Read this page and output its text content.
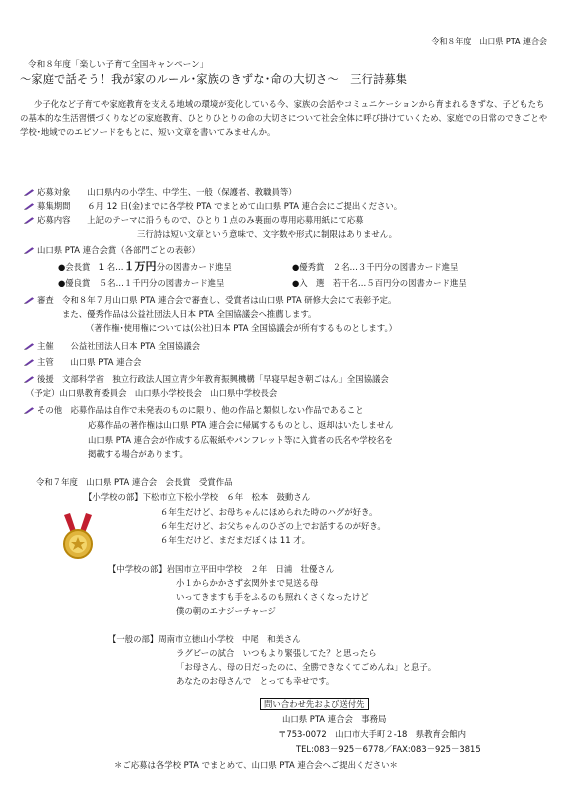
令和８年度　山口県 PTA 連合会
令和８年度「楽しい子育て全国キャンペーン」
～家庭で話そう！我が家のルール･家族のきずな･命の大切さ～　三行詩募集
少子化など子育てや家庭教育を支える地域の環境が変化している今、家族の会話やコミュニケーションから育まれるきずな、子どもたちの基本的な生活習慣づくりなどの家庭教育、ひとりひとりの命の大切さについて社会全体に呼び掛けていくため、家庭での日常のできごとや学校･地域でのエピソードをもとに、短い文章を書いてみませんか。
応募対象　　 山口県内の小学生、中学生、一般（保護者、教職員等）
募集期間　　 ６月 12 日(金)までに各学校 PTA でまとめて山口県 PTA 連合会にご提出ください。
応募内容　　 上記のテーマに沿うもので、ひとり１点のみ裏面の専用応募用紙にて応募
三行詩は短い文章という意味で、文字数や形式に制限はありません。
山口県 PTA 連合会賞（各部門ごとの表彰）
●会長賞　1 名…１万円分の図書カード進呈	●優秀賞　２名…３千円分の図書カード進呈
●優良賞　５名…１千円分の図書カード進呈	●入　選　若干名…５百円分の図書カード進呈
審査　 令和８年７月山口県 PTA 連合会で審査し、受賞者は山口県 PTA 研修大会にて表彰予定。
また、優秀作品は公益社団法人日本 PTA 全国協議会へ推薦します。
（著作権･使用権については(公社)日本 PTA 全国協議会が所有するものとします。）
主催　　 公益社団法人日本 PTA 全国協議会
主管　　 山口県 PTA 連合会
後援　 文部科学省　独立行政法人国立青少年教育振興機構「早寝早起き朝ごはん」全国協議会
（予定）山口県教育委員会　山口県小学校長会　山口県中学校長会
その他　 応募作品は自作で未発表のものに限り、他の作品と類似しない作品であること
応募作品の著作権は山口県 PTA 連合会に帰属するものとし、返却はいたしません
山口県 PTA 連合会が作成する広報紙やパンフレット等に入賞者の氏名や学校名を
掲載する場合があります。
令和７年度　山口県 PTA 連合会　会長賞　受賞作品
【小学校の部】下松市立下松小学校　６年　松本　鼓動さん
６年生だけど、お母ちゃんにほめられた時のハグが好き。
６年生だけど、お父ちゃんのひざの上でお話するのが好き。
６年生だけど、まだまだぼくは 11 才。
【中学校の部】岩国市立平田中学校　２年　日浦　壮優さん
小１からかかさず玄関外まで見送る母
いってきますも手をふるのも照れくさくなったけど
僕の朝のエナジーチャージ
【一般の部】周南市立徳山小学校　中尾　和美さん
ラグビーの試合　いつもより緊張してた？と思ったら
「お母さん、母の日だったのに、全勝できなくてごめんね」と息子。
あなたのお母さんで　とっても幸せです。
問い合わせ先および送付先
山口県 PTA 連合会　事務局
〒753-0072　山口市大手町２-18　県教育会館内
TEL:083－925－6778／FAX:083－925－3815
＊ご応募は各学校 PTA でまとめて、山口県 PTA 連合会へご提出ください＊
